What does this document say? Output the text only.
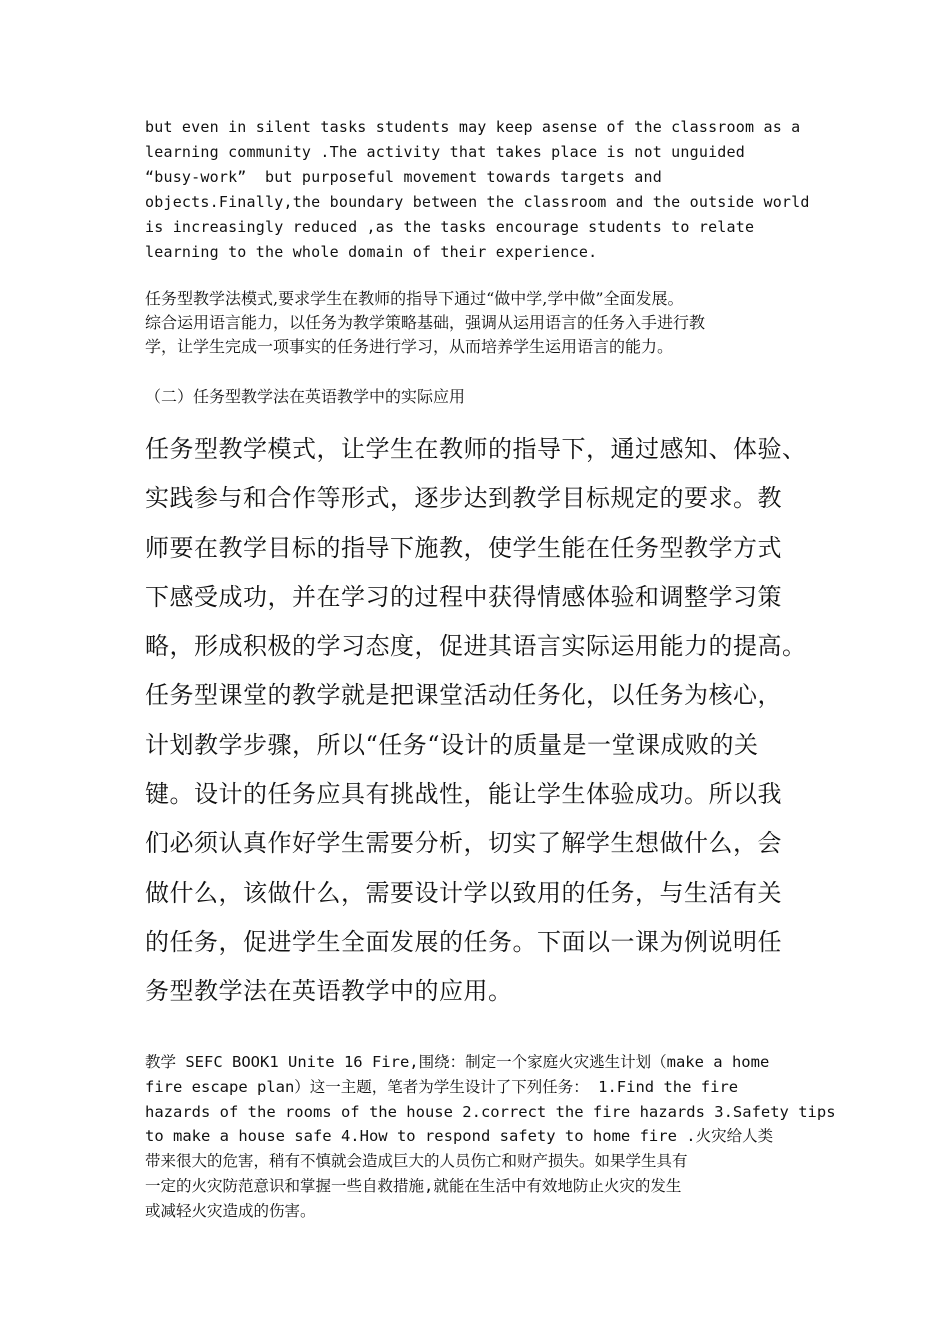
but even in silent tasks students may keep asense of the classroom as a
learning community .The activity that takes place is not unguided
“busy-work”  but purposeful movement towards targets and
objects.Finally,the boundary between the classroom and the outside world
is increasingly reduced ,as the tasks encourage students to relate
learning to the whole domain of their experience.
任务型教学法模式,要求学生在教师的指导下通过“做中学,学中做”全面发展。
综合运用语言能力，以任务为教学策略基础，强调从运用语言的任务入手进行教
学，让学生完成一项事实的任务进行学习，从而培养学生运用语言的能力。
（二）任务型教学法在英语教学中的实际应用
任务型教学模式，让学生在教师的指导下，通过感知、体验、
实践参与和合作等形式，逐步达到教学目标规定的要求。教
师要在教学目标的指导下施教，使学生能在任务型教学方式
下感受成功，并在学习的过程中获得情感体验和调整学习策
略，形成积极的学习态度，促进其语言实际运用能力的提高。
任务型课堂的教学就是把课堂活动任务化，以任务为核心，
计划教学步骤，所以“任务“设计的质量是一堂课成败的关
键。设计的任务应具有挑战性，能让学生体验成功。所以我
们必须认真作好学生需要分析，切实了解学生想做什么，会
做什么，该做什么，需要设计学以致用的任务，与生活有关
的任务，促进学生全面发展的任务。下面以一课为例说明任
务型教学法在英语教学中的应用。
教学 SEFC BOOK1 Unite 16 Fire,围绕：制定一个家庭火灾逃生计划（make a home
fire escape plan）这一主题，笔者为学生设计了下列任务： 1.Find the fire
hazards of the rooms of the house 2.correct the fire hazards 3.Safety tips
to make a house safe 4.How to respond safety to home fire .火灾给人类
带来很大的危害，稍有不慎就会造成巨大的人员伤亡和财产损失。如果学生具有
一定的火灾防范意识和掌握一些自救措施,就能在生活中有效地防止火灾的发生
或减轻火灾造成的伤害。
